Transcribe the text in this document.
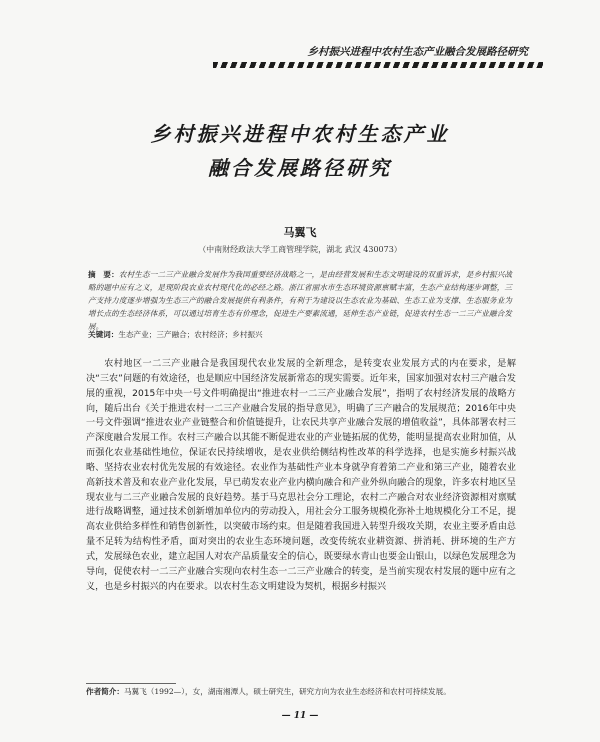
乡村振兴进程中农村生态产业融合发展路径研究
乡村振兴进程中农村生态产业
融合发展路径研究
马翼飞
（中南财经政法大学工商管理学院，湖北 武汉 430073）
摘　要：农村生态一二三产业融合发展作为我国重要经济战略之一，是由经营发展和生态文明建设的双重诉求，是乡村振兴战略的题中应有之义，是现阶段农业农村现代化的必经之路。浙江省丽水市生态环境资源禀赋丰富，生态产业结构逐步调整，三产支持力度逐步增强为生态三产的融合发展提供有利条件，有利于为建设以生态农业为基础、生态工业为支撑、生态服务业为增长点的生态经济体系，可以通过培育生态有价理念，促进生产要素流通，延伸生态产业链，促进农村生态一二三产业融合发展。
关键词：生态产业；三产融合；农村经济；乡村振兴
农村地区一二三产业融合是我国现代农业发展的全新理念，是转变农业发展方式的内在要求，是解决“三农”问题的有效途径，也是顺应中国经济发展新常态的现实需要。近年来，国家加强对农村三产融合发展的重视，2015年中央一号文件明确提出“推进农村一二三产业融合发展”，指明了农村经济发展的战略方向，随后出台《关于推进农村一二三产业融合发展的指导意见》，明确了三产融合的发展规范；2016年中央一号文件强调“推进农业产业链整合和价值链提升，让农民共享产业融合发展的增值收益”，具体部署农村三产深度融合发展工作。农村三产融合以其能不断促进农业的产业链拓展的优势，能明显提高农业附加值，从而强化农业基础性地位，保证农民持续增收，是农业供给侧结构性改革的科学选择，也是实施乡村振兴战略、坚持农业农村优先发展的有效途径。农业作为基础性产业本身就孕育着第二产业和第三产业，随着农业高新技术普及和农业产业化发展，早已萌发农业产业内横向融合和产业外纵向融合的现象，许多农村地区呈现农业与二三产业融合发展的良好趋势。基于马克思社会分工理论，农村二产融合对农业经济资源相对禀赋进行战略调整，通过技术创新增加单位内的劳动投入，用社会分工服务规模化弥补土地规模化分工不足，提高农业供给多样性和销售创新性，以突破市场约束。但是随着我国进入转型升级攻关期，农业主要矛盾由总量不足转为结构性矛盾，面对突出的农业生态环境问题，改变传统农业耕资源、拼消耗、拼环境的生产方式，发展绿色农业，建立起国人对农产品质量安全的信心，既要绿水青山也要金山银山，以绿色发展理念为导向，促使农村一二三产业融合实现向农村生态一二三产业融合的转变，是当前实现农村发展的题中应有之义，也是乡村振兴的内在要求。以农村生态文明建设为契机，根据乡村振兴
作者简介：马翼飞（1992—），女，湖南湘潭人，硕士研究生，研究方向为农业生态经济和农村可持续发展。
— 11 —
